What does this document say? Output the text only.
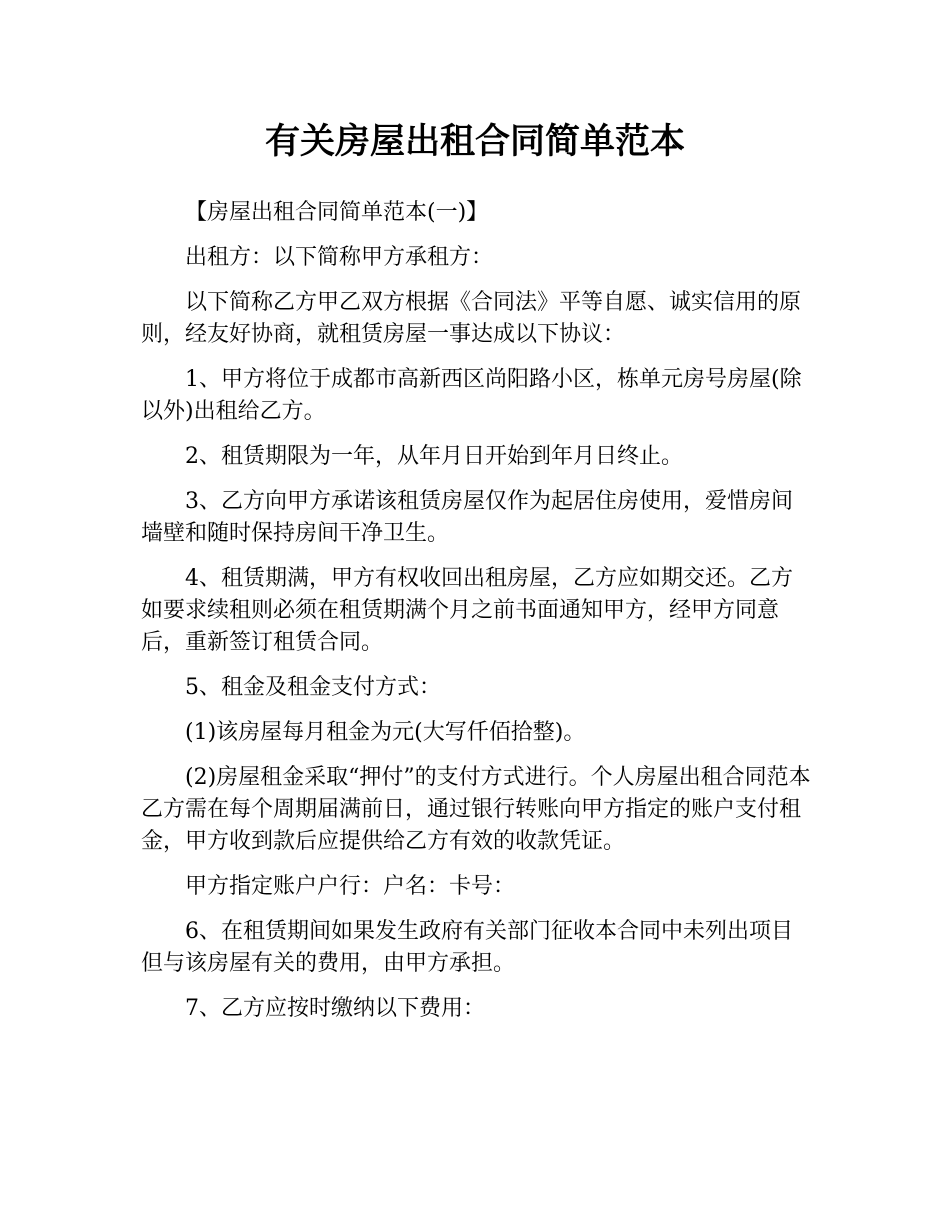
有关房屋出租合同简单范本

【房屋出租合同简单范本(一)】

出租方：以下简称甲方承租方：

以下简称乙方甲乙双方根据《合同法》平等自愿、诚实信用的原则，经友好协商，就租赁房屋一事达成以下协议：

1、甲方将位于成都市高新西区尚阳路小区，栋单元房号房屋(除以外)出租给乙方。

2、租赁期限为一年，从年月日开始到年月日终止。

3、乙方向甲方承诺该租赁房屋仅作为起居住房使用，爱惜房间墙壁和随时保持房间干净卫生。

4、租赁期满，甲方有权收回出租房屋，乙方应如期交还。乙方如要求续租则必须在租赁期满个月之前书面通知甲方，经甲方同意后，重新签订租赁合同。

5、租金及租金支付方式：

(1)该房屋每月租金为元(大写仟佰拾整)。

(2)房屋租金采取“押付”的支付方式进行。个人房屋出租合同范本乙方需在每个周期届满前日，通过银行转账向甲方指定的账户支付租金，甲方收到款后应提供给乙方有效的收款凭证。

甲方指定账户户行：户名：卡号：

6、在租赁期间如果发生政府有关部门征收本合同中未列出项目但与该房屋有关的费用，由甲方承担。

7、乙方应按时缴纳以下费用：
